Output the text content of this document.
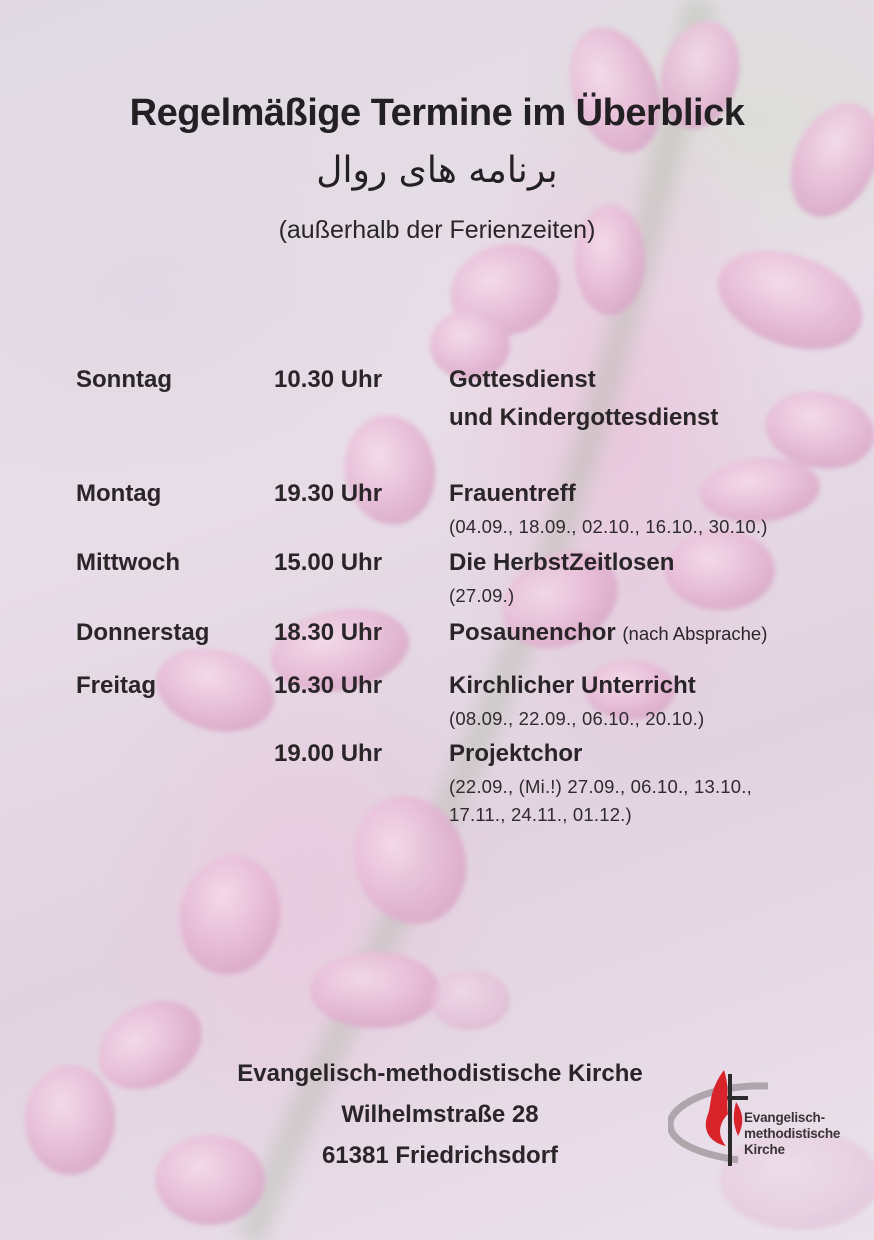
Regelmäßige Termine im Überblick
برنامه های روال
(außerhalb der Ferienzeiten)
Sonntag	10.30 Uhr	Gottesdienst
und Kindergottesdienst
Montag	19.30 Uhr	Frauentreff
(04.09., 18.09., 02.10., 16.10., 30.10.)
Mittwoch	15.00 Uhr	Die HerbstZeitlosen
(27.09.)
Donnerstag	18.30 Uhr	Posaunenchor (nach Absprache)
Freitag	16.30 Uhr	Kirchlicher Unterricht
(08.09., 22.09., 06.10., 20.10.)
19.00 Uhr	Projektchor
(22.09., (Mi.!) 27.09., 06.10., 13.10.,
17.11., 24.11., 01.12.)
Evangelisch-methodistische Kirche
Wilhelmstraße 28
61381 Friedrichsdorf
Evangelisch-
methodistische
Kirche
